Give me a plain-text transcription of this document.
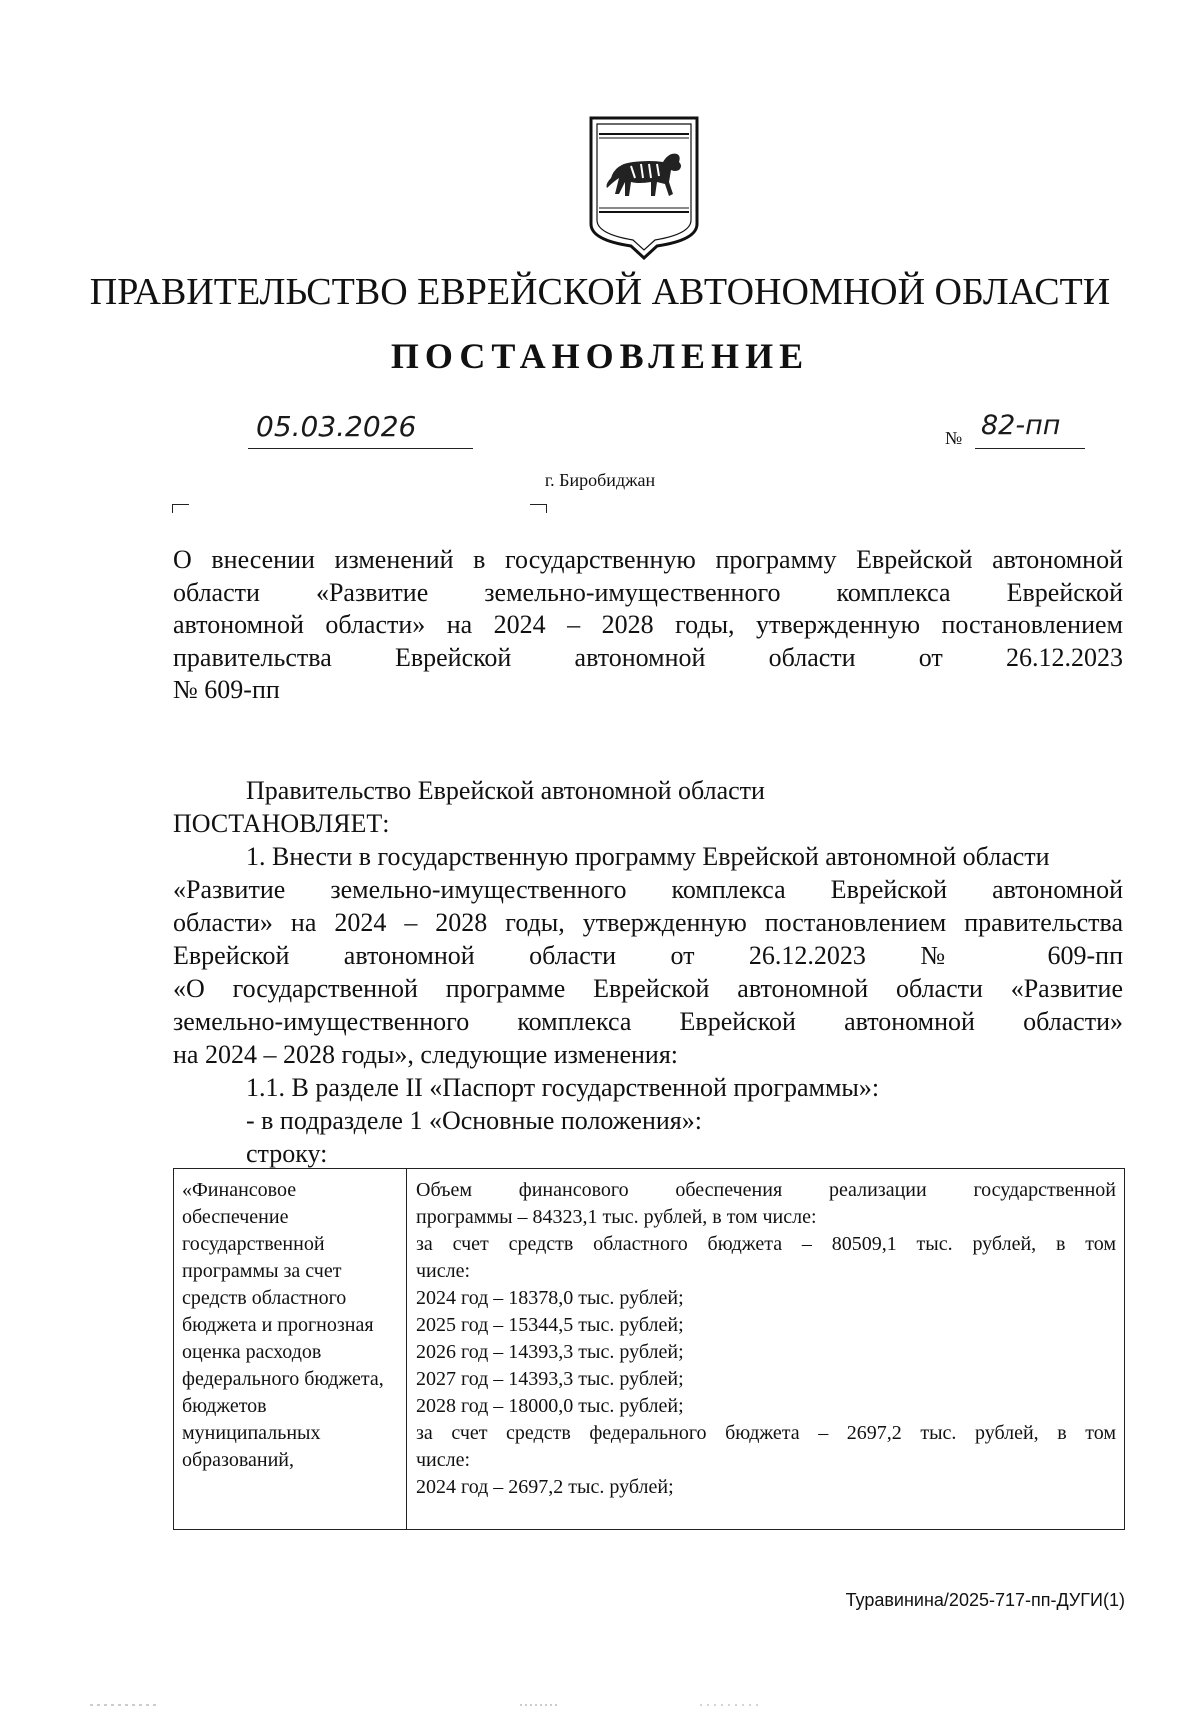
ПРАВИТЕЛЬСТВО ЕВРЕЙСКОЙ АВТОНОМНОЙ ОБЛАСТИ
ПОСТАНОВЛЕНИЕ
05.03.2026	№ 82-пп
г. Биробиджан
О внесении изменений в государственную программу Еврейской автономной
области «Развитие земельно-имущественного комплекса Еврейской
автономной области» на 2024 – 2028 годы, утвержденную постановлением
правительства Еврейской автономной области от 26.12.2023
№ 609-пп
Правительство Еврейской автономной области
ПОСТАНОВЛЯЕТ:
1. Внести в государственную программу Еврейской автономной области
«Развитие земельно-имущественного комплекса Еврейской автономной
области» на 2024 – 2028 годы, утвержденную постановлением правительства
Еврейской автономной области от 26.12.2023 № 609-пп
«О государственной программе Еврейской автономной области «Развитие
земельно-имущественного комплекса Еврейской автономной области»
на 2024 – 2028 годы», следующие изменения:
1.1. В разделе II «Паспорт государственной программы»:
- в подразделе 1 «Основные положения»:
строку:
«Финансовое обеспечение государственной программы за счет средств областного бюджета и прогнозная оценка расходов федерального бюджета, бюджетов муниципальных образований,
Объем финансового обеспечения реализации государственной
программы – 84323,1 тыс. рублей, в том числе:
за счет средств областного бюджета – 80509,1 тыс. рублей, в том
числе:
2024 год – 18378,0 тыс. рублей;
2025 год – 15344,5 тыс. рублей;
2026 год – 14393,3 тыс. рублей;
2027 год – 14393,3 тыс. рублей;
2028 год – 18000,0 тыс. рублей;
за счет средств федерального бюджета – 2697,2 тыс. рублей, в том
числе:
2024 год – 2697,2 тыс. рублей;
Туравинина/2025-717-пп-ДУГИ(1)
